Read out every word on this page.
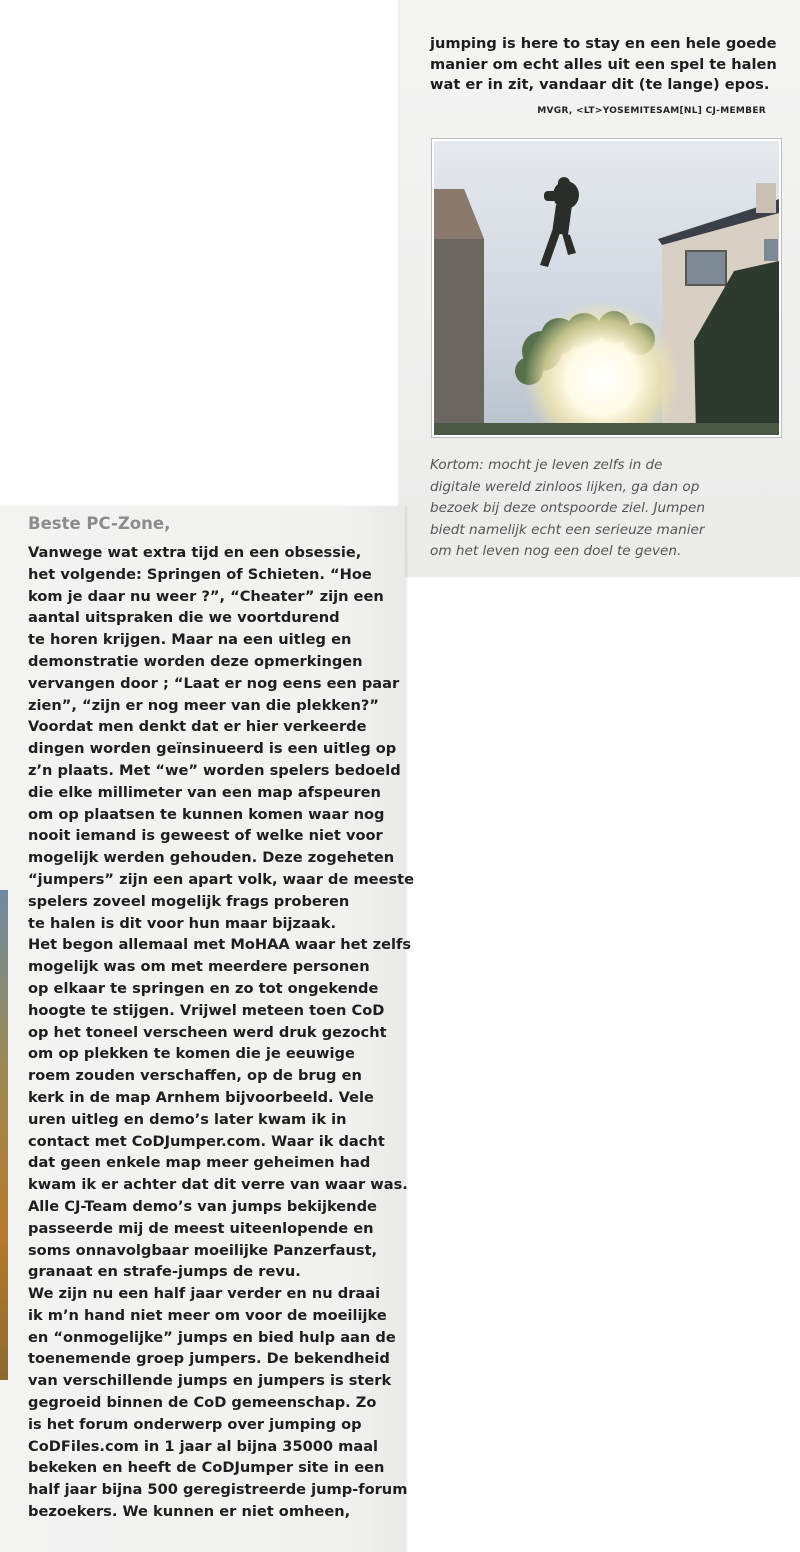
jumping is here to stay en een hele goede
manier om echt alles uit een spel te halen
wat er in zit, vandaar dit (te lange) epos.

MVGR, <LT>YOSEMITESAM[NL] CJ-MEMBER

Kortom: mocht je leven zelfs in de
digitale wereld zinloos lijken, ga dan op
bezoek bij deze ontspoorde ziel. Jumpen
biedt namelijk echt een serieuze manier
om het leven nog een doel te geven.

Beste PC-Zone,
Vanwege wat extra tijd en een obsessie,
het volgende: Springen of Schieten. “Hoe
kom je daar nu weer ?”, “Cheater” zijn een
aantal uitspraken die we voortdurend
te horen krijgen. Maar na een uitleg en
demonstratie worden deze opmerkingen
vervangen door ; “Laat er nog eens een paar
zien”, “zijn er nog meer van die plekken?”
Voordat men denkt dat er hier verkeerde
dingen worden geïnsinueerd is een uitleg op
z’n plaats. Met “we” worden spelers bedoeld
die elke millimeter van een map afspeuren
om op plaatsen te kunnen komen waar nog
nooit iemand is geweest of welke niet voor
mogelijk werden gehouden. Deze zogeheten
“jumpers” zijn een apart volk, waar de meeste
spelers zoveel mogelijk frags proberen
te halen is dit voor hun maar bijzaak.
Het begon allemaal met MoHAA waar het zelfs
mogelijk was om met meerdere personen
op elkaar te springen en zo tot ongekende
hoogte te stijgen. Vrijwel meteen toen CoD
op het toneel verscheen werd druk gezocht
om op plekken te komen die je eeuwige
roem zouden verschaffen, op de brug en
kerk in de map Arnhem bijvoorbeeld. Vele
uren uitleg en demo’s later kwam ik in
contact met CoDJumper.com. Waar ik dacht
dat geen enkele map meer geheimen had
kwam ik er achter dat dit verre van waar was.
Alle CJ-Team demo’s van jumps bekijkende
passeerde mij de meest uiteenlopende en
soms onnavolgbaar moeilijke Panzerfaust,
granaat en strafe-jumps de revu.
We zijn nu een half jaar verder en nu draai
ik m’n hand niet meer om voor de moeilijke
en “onmogelijke” jumps en bied hulp aan de
toenemende groep jumpers. De bekendheid
van verschillende jumps en jumpers is sterk
gegroeid binnen de CoD gemeenschap. Zo
is het forum onderwerp over jumping op
CoDFiles.com in 1 jaar al bijna 35000 maal
bekeken en heeft de CoDJumper site in een
half jaar bijna 500 geregistreerde jump-forum
bezoekers. We kunnen er niet omheen,
